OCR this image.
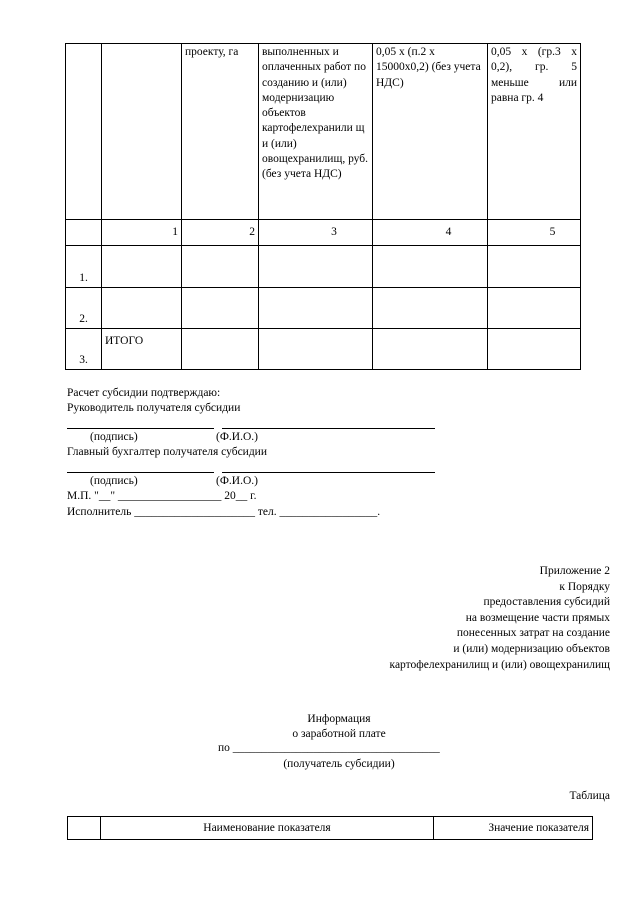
		проекту, га	выполненных и оплаченных работ по созданию и (или) модернизацию объектов картофелехранили щ и (или) овощехранилищ, руб. (без учета НДС)	0,05 х (п.2 х 15000х0,2) (без учета НДС)	0,05 х (гр.3 х 0,2), гр. 5 меньше или равна гр. 4
	1	2	3	4	5
1.					
2.					
3.	ИТОГО				
Расчет субсидии подтверждаю:
Руководитель получателя субсидии
(подпись)	(Ф.И.О.)
Главный бухгалтер получателя субсидии
(подпись)	(Ф.И.О.)
М.П. "__" __________________ 20__ г.
Исполнитель _____________________ тел. _________________.
Приложение 2
к Порядку
предоставления субсидий
на возмещение части прямых
понесенных затрат на создание
и (или) модернизацию объектов
картофелехранилищ и (или) овощехранилищ
Информация
о заработной плате
по ____________________________________
(получатель субсидии)
Таблица
	Наименование показателя	Значение показателя
